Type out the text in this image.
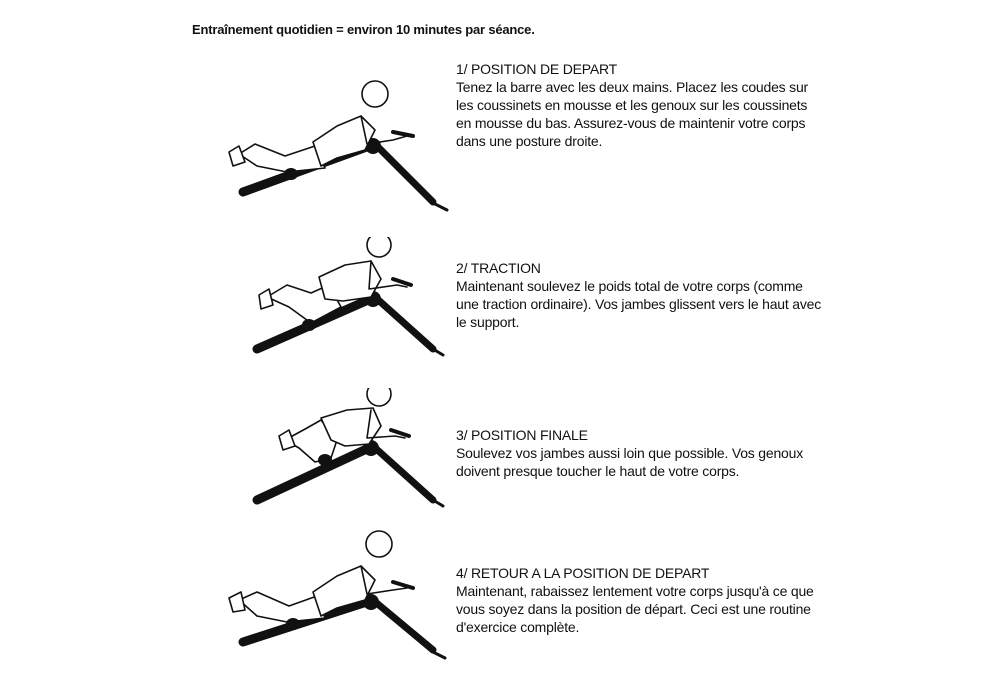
Entraînement quotidien = environ 10 minutes par séance.
1/ POSITION DE DEPART
Tenez la barre avec les deux mains. Placez les coudes sur les coussinets en mousse et les genoux sur les coussinets en mousse du bas. Assurez-vous de maintenir votre corps dans une posture droite.
2/ TRACTION
Maintenant soulevez le poids total de votre corps (comme une traction ordinaire). Vos jambes glissent vers le haut avec le support.
3/ POSITION FINALE
Soulevez vos jambes aussi loin que possible. Vos genoux doivent presque toucher le haut de votre corps.
4/ RETOUR A LA POSITION DE DEPART
Maintenant, rabaissez lentement votre corps jusqu'à ce que vous soyez dans la position de départ. Ceci est une routine d'exercice complète.
